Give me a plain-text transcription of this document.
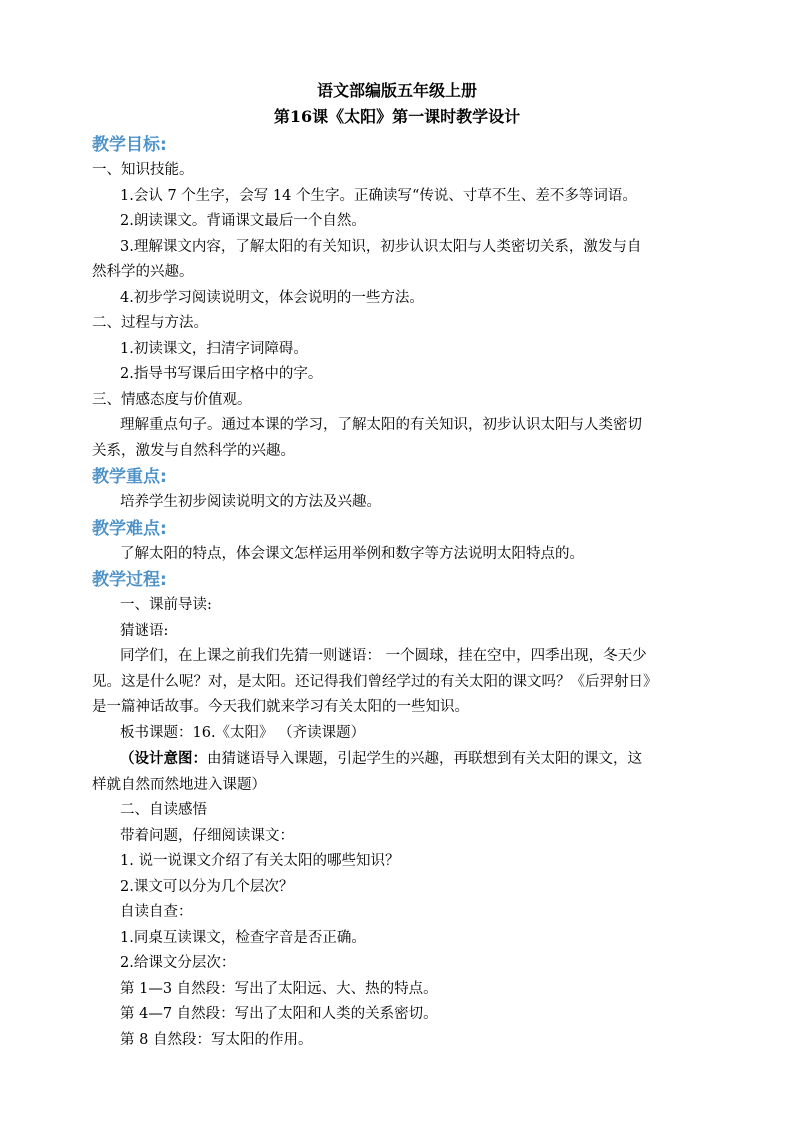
语文部编版五年级上册
第16课《太阳》第一课时教学设计
教学目标:
一、知识技能。
1.会认 7 个生字，会写 14 个生字。正确读写“传说、寸草不生、差不多等词语。
2.朗读课文。背诵课文最后一个自然。
3.理解课文内容，了解太阳的有关知识，初步认识太阳与人类密切关系，激发与自
然科学的兴趣。
4.初步学习阅读说明文，体会说明的一些方法。
二、过程与方法。
1.初读课文，扫清字词障碍。
2.指导书写课后田字格中的字。
三、情感态度与价值观。
理解重点句子。通过本课的学习，了解太阳的有关知识，初步认识太阳与人类密切
关系，激发与自然科学的兴趣。
教学重点:
培养学生初步阅读说明文的方法及兴趣。
教学难点:
了解太阳的特点，体会课文怎样运用举例和数字等方法说明太阳特点的。
教学过程:
一、课前导读:
猜谜语:
同学们，在上课之前我们先猜一则谜语： 一个圆球，挂在空中，四季出现，冬天少
见。这是什么呢？对，是太阳。还记得我们曾经学过的有关太阳的课文吗？《后羿射日》
是一篇神话故事。今天我们就来学习有关太阳的一些知识。
板书课题：16.《太阳》 （齐读课题）
（设计意图：由猜谜语导入课题，引起学生的兴趣，再联想到有关太阳的课文，这
样就自然而然地进入课题）
二、自读感悟
带着问题，仔细阅读课文：
1. 说一说课文介绍了有关太阳的哪些知识？
2.课文可以分为几个层次？
自读自查：
1.同桌互读课文，检查字音是否正确。
2.给课文分层次：
第 1—3 自然段：写出了太阳远、大、热的特点。
第 4—7 自然段：写出了太阳和人类的关系密切。
第 8 自然段：写太阳的作用。
